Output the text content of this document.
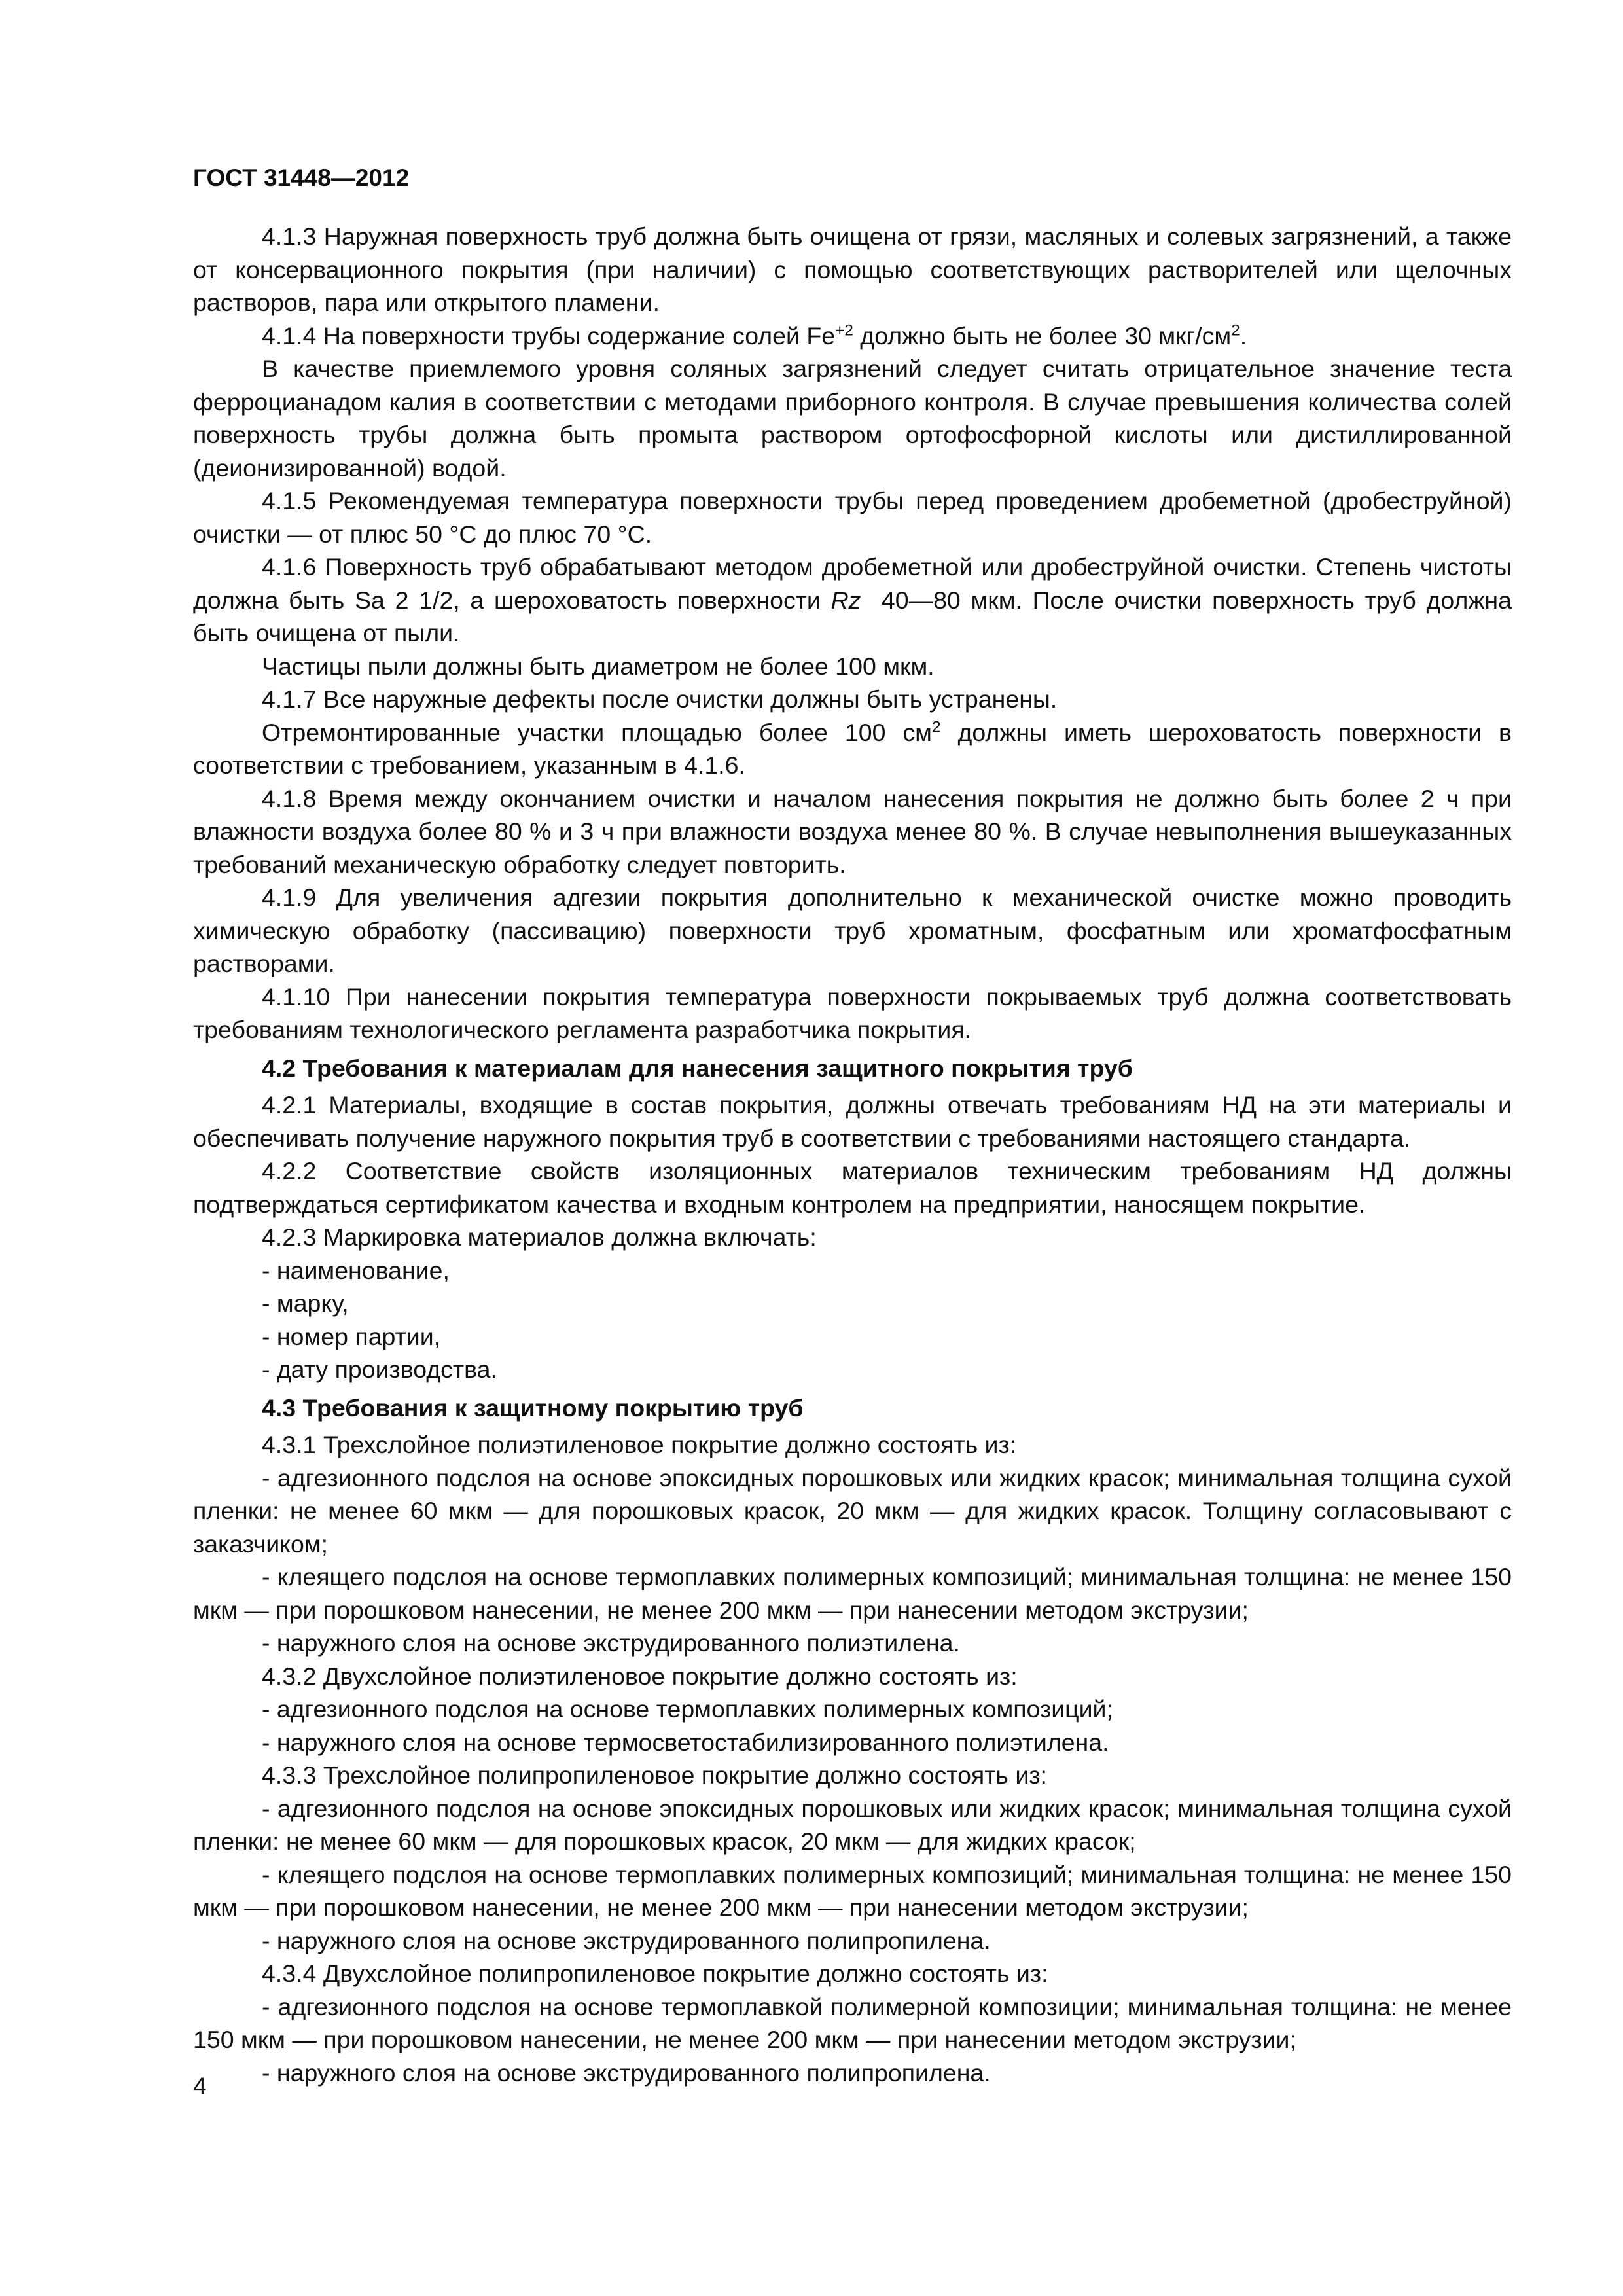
ГОСТ 31448—2012
4.1.3 Наружная поверхность труб должна быть очищена от грязи, масляных и солевых загрязнений, а также от консервационного покрытия (при наличии) с помощью соответствующих растворителей или щелочных растворов, пара или открытого пламени.
4.1.4 На поверхности трубы содержание солей $Fe^{+2}$ должно быть не более 30 мкг/$см^2$.
В качестве приемлемого уровня соляных загрязнений следует считать отрицательное значение теста ферроцианадом калия в соответствии с методами приборного контроля. В случае превышения количества солей поверхность трубы должна быть промыта раствором ортофосфорной кислоты или дистиллированной (деионизированной) водой.
4.1.5 Рекомендуемая температура поверхности трубы перед проведением дробеметной (дробеструйной) очистки — от плюс 50 °C до плюс 70 °C.
4.1.6 Поверхность труб обрабатывают методом дробеметной или дробеструйной очистки. Степень чистоты должна быть Sa 2 1/2, а шероховатость поверхности Rz  40—80 мкм. После очистки поверхность труб должна быть очищена от пыли.
Частицы пыли должны быть диаметром не более 100 мкм.
4.1.7 Все наружные дефекты после очистки должны быть устранены.
Отремонтированные участки площадью более 100 $см^2$ должны иметь шероховатость поверхности в соответствии с требованием, указанным в 4.1.6.
4.1.8 Время между окончанием очистки и началом нанесения покрытия не должно быть более 2 ч при влажности воздуха более 80 % и 3 ч при влажности воздуха менее 80 %. В случае невыполнения вышеуказанных требований механическую обработку следует повторить.
4.1.9 Для увеличения адгезии покрытия дополнительно к механической очистке можно проводить химическую обработку (пассивацию) поверхности труб хроматным, фосфатным или хроматфосфатным растворами.
4.1.10 При нанесении покрытия температура поверхности покрываемых труб должна соответствовать требованиям технологического регламента разработчика покрытия.
4.2 Требования к материалам для нанесения защитного покрытия труб
4.2.1 Материалы, входящие в состав покрытия, должны отвечать требованиям НД на эти материалы и обеспечивать получение наружного покрытия труб в соответствии с требованиями настоящего стандарта.
4.2.2 Соответствие свойств изоляционных материалов техническим требованиям НД должны подтверждаться сертификатом качества и входным контролем на предприятии, наносящем покрытие.
4.2.3 Маркировка материалов должна включать:
- наименование,
- марку,
- номер партии,
- дату производства.
4.3 Требования к защитному покрытию труб
4.3.1 Трехслойное полиэтиленовое покрытие должно состоять из:
- адгезионного подслоя на основе эпоксидных порошковых или жидких красок; минимальная толщина сухой пленки: не менее 60 мкм — для порошковых красок, 20 мкм — для жидких красок. Толщину согласовывают с заказчиком;
- клеящего подслоя на основе термоплавких полимерных композиций; минимальная толщина: не менее 150 мкм — при порошковом нанесении, не менее 200 мкм — при нанесении методом экструзии;
- наружного слоя на основе экструдированного полиэтилена.
4.3.2 Двухслойное полиэтиленовое покрытие должно состоять из:
- адгезионного подслоя на основе термоплавких полимерных композиций;
- наружного слоя на основе термосветостабилизированного полиэтилена.
4.3.3 Трехслойное полипропиленовое покрытие должно состоять из:
- адгезионного подслоя на основе эпоксидных порошковых или жидких красок; минимальная толщина сухой пленки: не менее 60 мкм — для порошковых красок, 20 мкм — для жидких красок;
- клеящего подслоя на основе термоплавких полимерных композиций; минимальная толщина: не менее 150 мкм — при порошковом нанесении, не менее 200 мкм — при нанесении методом экструзии;
- наружного слоя на основе экструдированного полипропилена.
4.3.4 Двухслойное полипропиленовое покрытие должно состоять из:
- адгезионного подслоя на основе термоплавкой полимерной композиции; минимальная толщина: не менее 150 мкм — при порошковом нанесении, не менее 200 мкм — при нанесении методом экструзии;
- наружного слоя на основе экструдированного полипропилена.
4
